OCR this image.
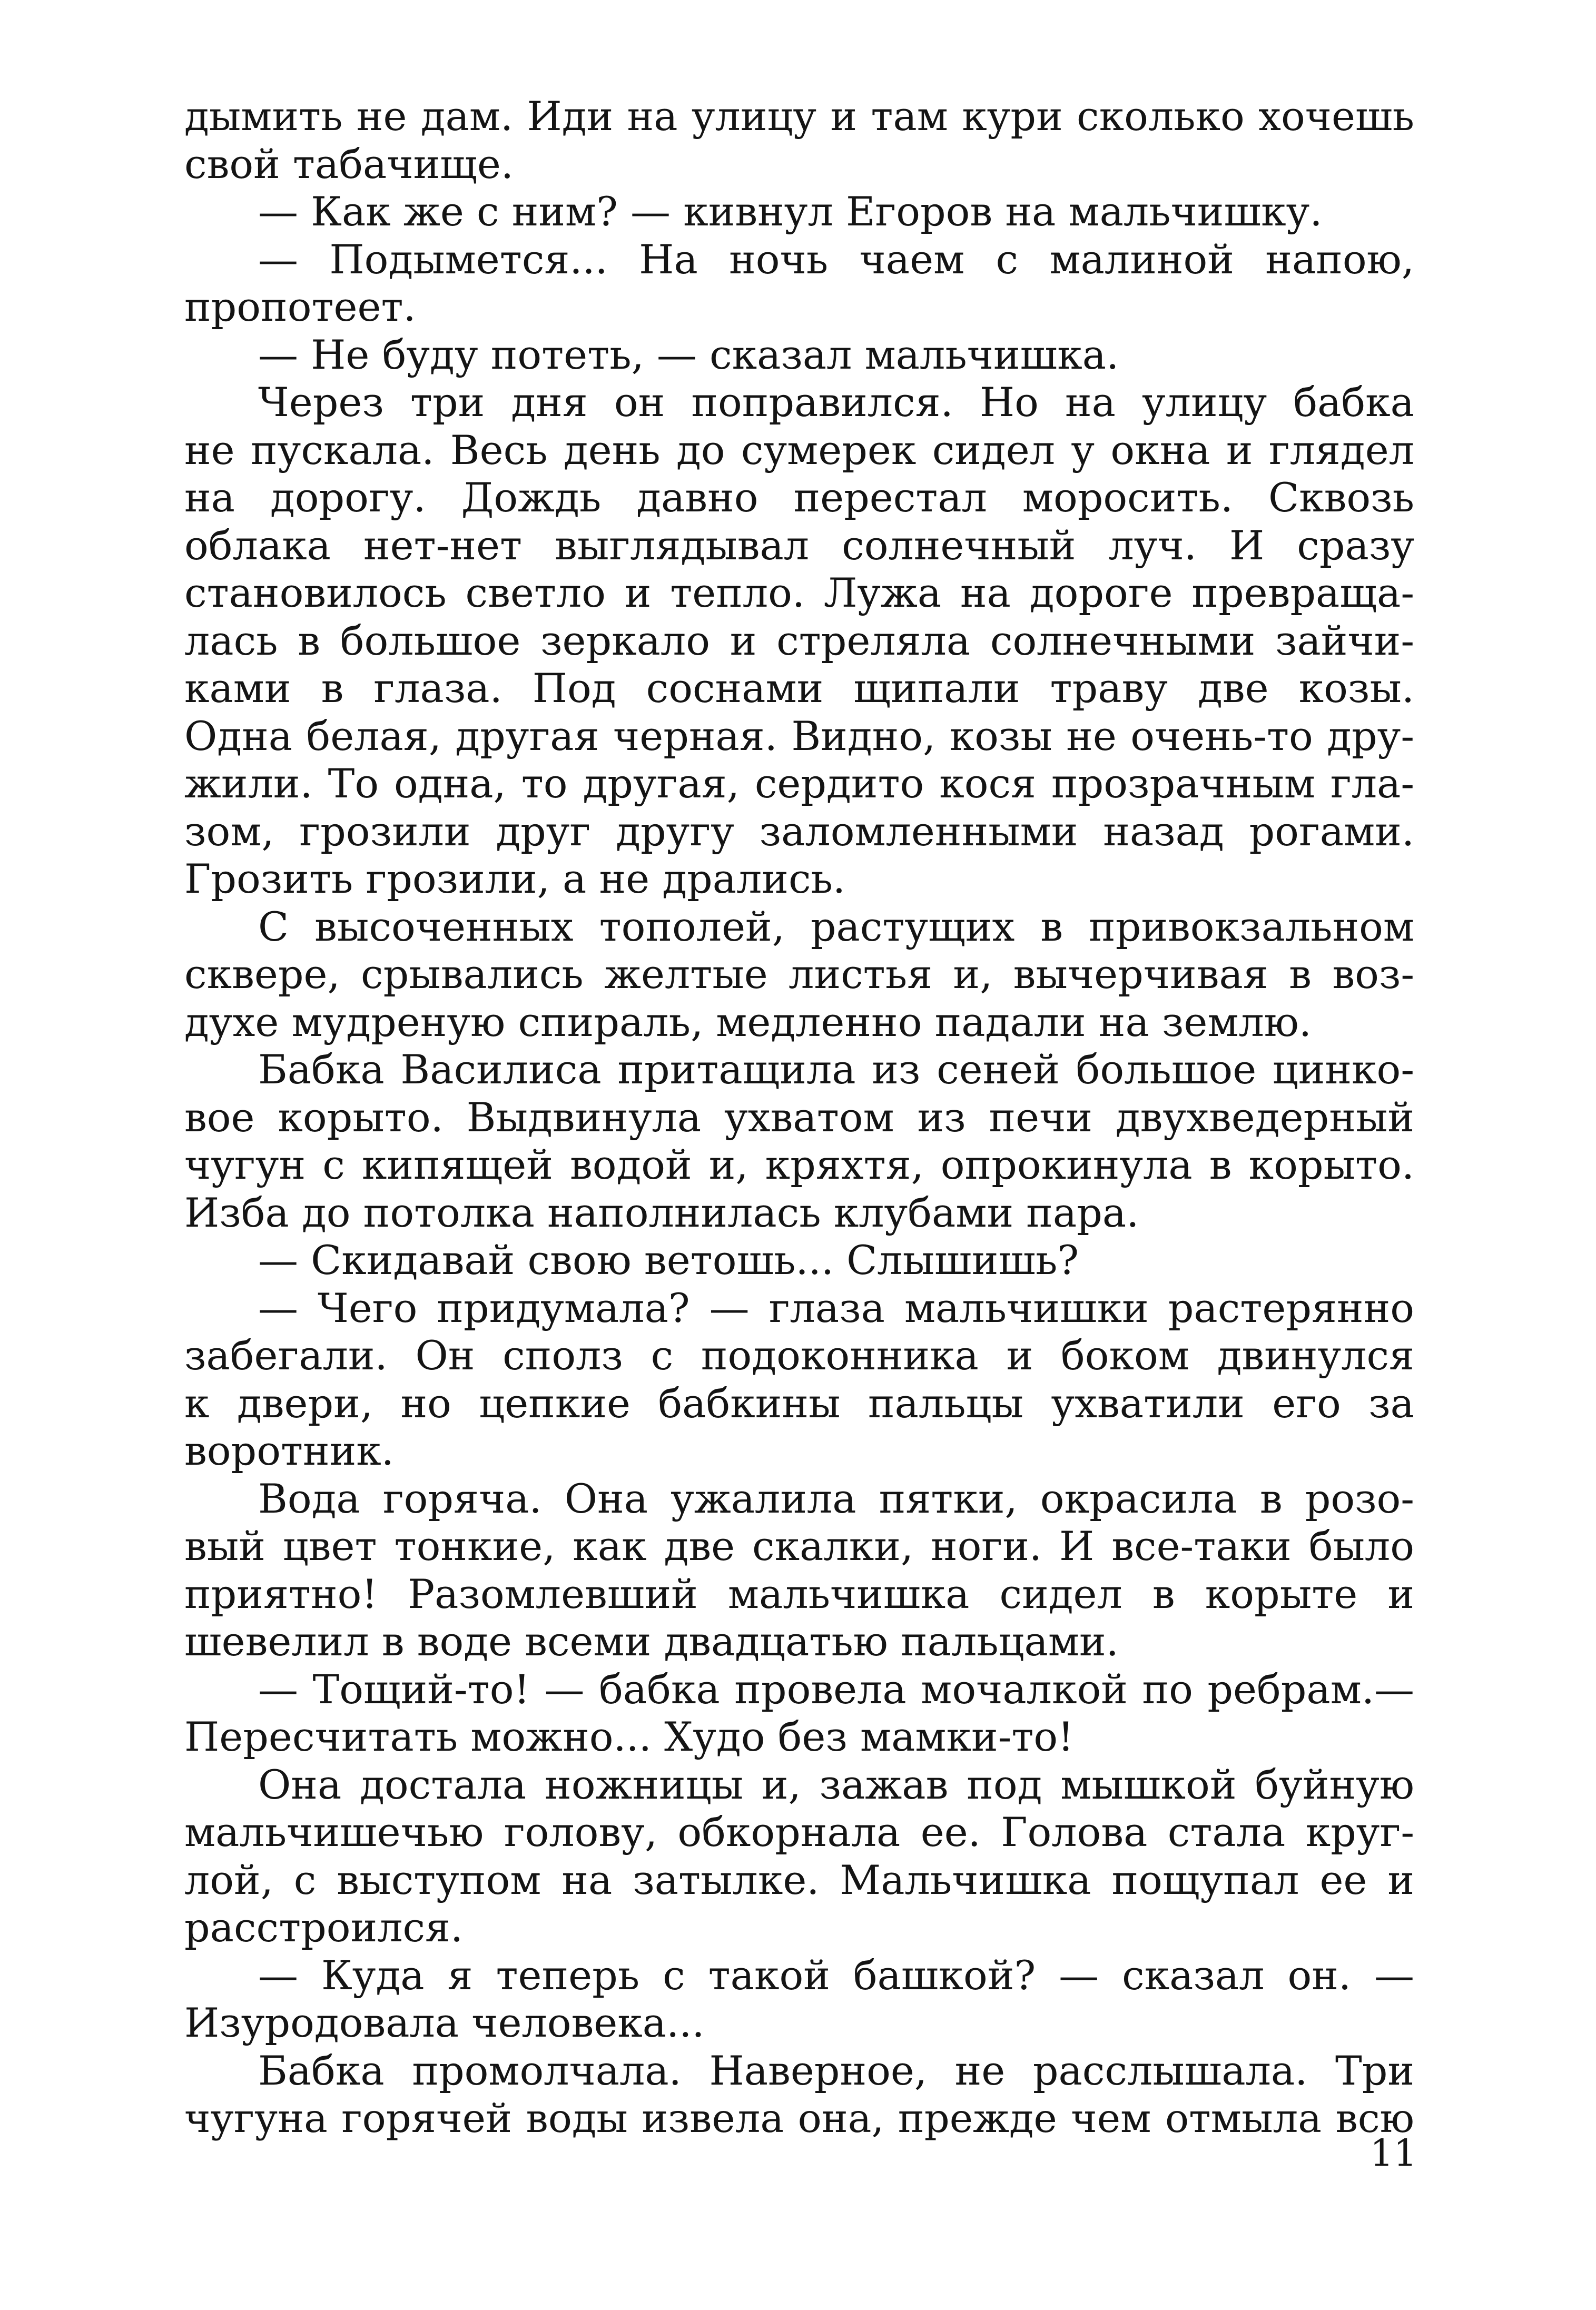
дымить не дам. Иди на улицу и там кури сколько хочешь
свой табачище.
— Как же с ним? — кивнул Егоров на мальчишку.
— Подымется... На ночь чаем с малиной напою,
пропотеет.
— Не буду потеть, — сказал мальчишка.
Через три дня он поправился. Но на улицу бабка
не пускала. Весь день до сумерек сидел у окна и глядел
на дорогу. Дождь давно перестал моросить. Сквозь
облака нет-нет выглядывал солнечный луч. И сразу
становилось светло и тепло. Лужа на дороге превраща-
лась в большое зеркало и стреляла солнечными зайчи-
ками в глаза. Под соснами щипали траву две козы.
Одна белая, другая черная. Видно, козы не очень-то дру-
жили. То одна, то другая, сердито кося прозрачным гла-
зом, грозили друг другу заломленными назад рогами.
Грозить грозили, а не дрались.
С высоченных тополей, растущих в привокзальном
сквере, срывались желтые листья и, вычерчивая в воз-
духе мудреную спираль, медленно падали на землю.
Бабка Василиса притащила из сеней большое цинко-
вое корыто. Выдвинула ухватом из печи двухведерный
чугун с кипящей водой и, кряхтя, опрокинула в корыто.
Изба до потолка наполнилась клубами пара.
— Скидавай свою ветошь... Слышишь?
— Чего придумала? — глаза мальчишки растерянно
забегали. Он сполз с подоконника и боком двинулся
к двери, но цепкие бабкины пальцы ухватили его за
воротник.
Вода горяча. Она ужалила пятки, окрасила в розо-
вый цвет тонкие, как две скалки, ноги. И все-таки было
приятно! Разомлевший мальчишка сидел в корыте и
шевелил в воде всеми двадцатью пальцами.
— Тощий-то! — бабка провела мочалкой по ребрам.—
Пересчитать можно... Худо без мамки-то!
Она достала ножницы и, зажав под мышкой буйную
мальчишечью голову, обкорнала ее. Голова стала круг-
лой, с выступом на затылке. Мальчишка пощупал ее и
расстроился.
— Куда я теперь с такой башкой? — сказал он. —
Изуродовала человека...
Бабка промолчала. Наверное, не расслышала. Три
чугуна горячей воды извела она, прежде чем отмыла всю
11
